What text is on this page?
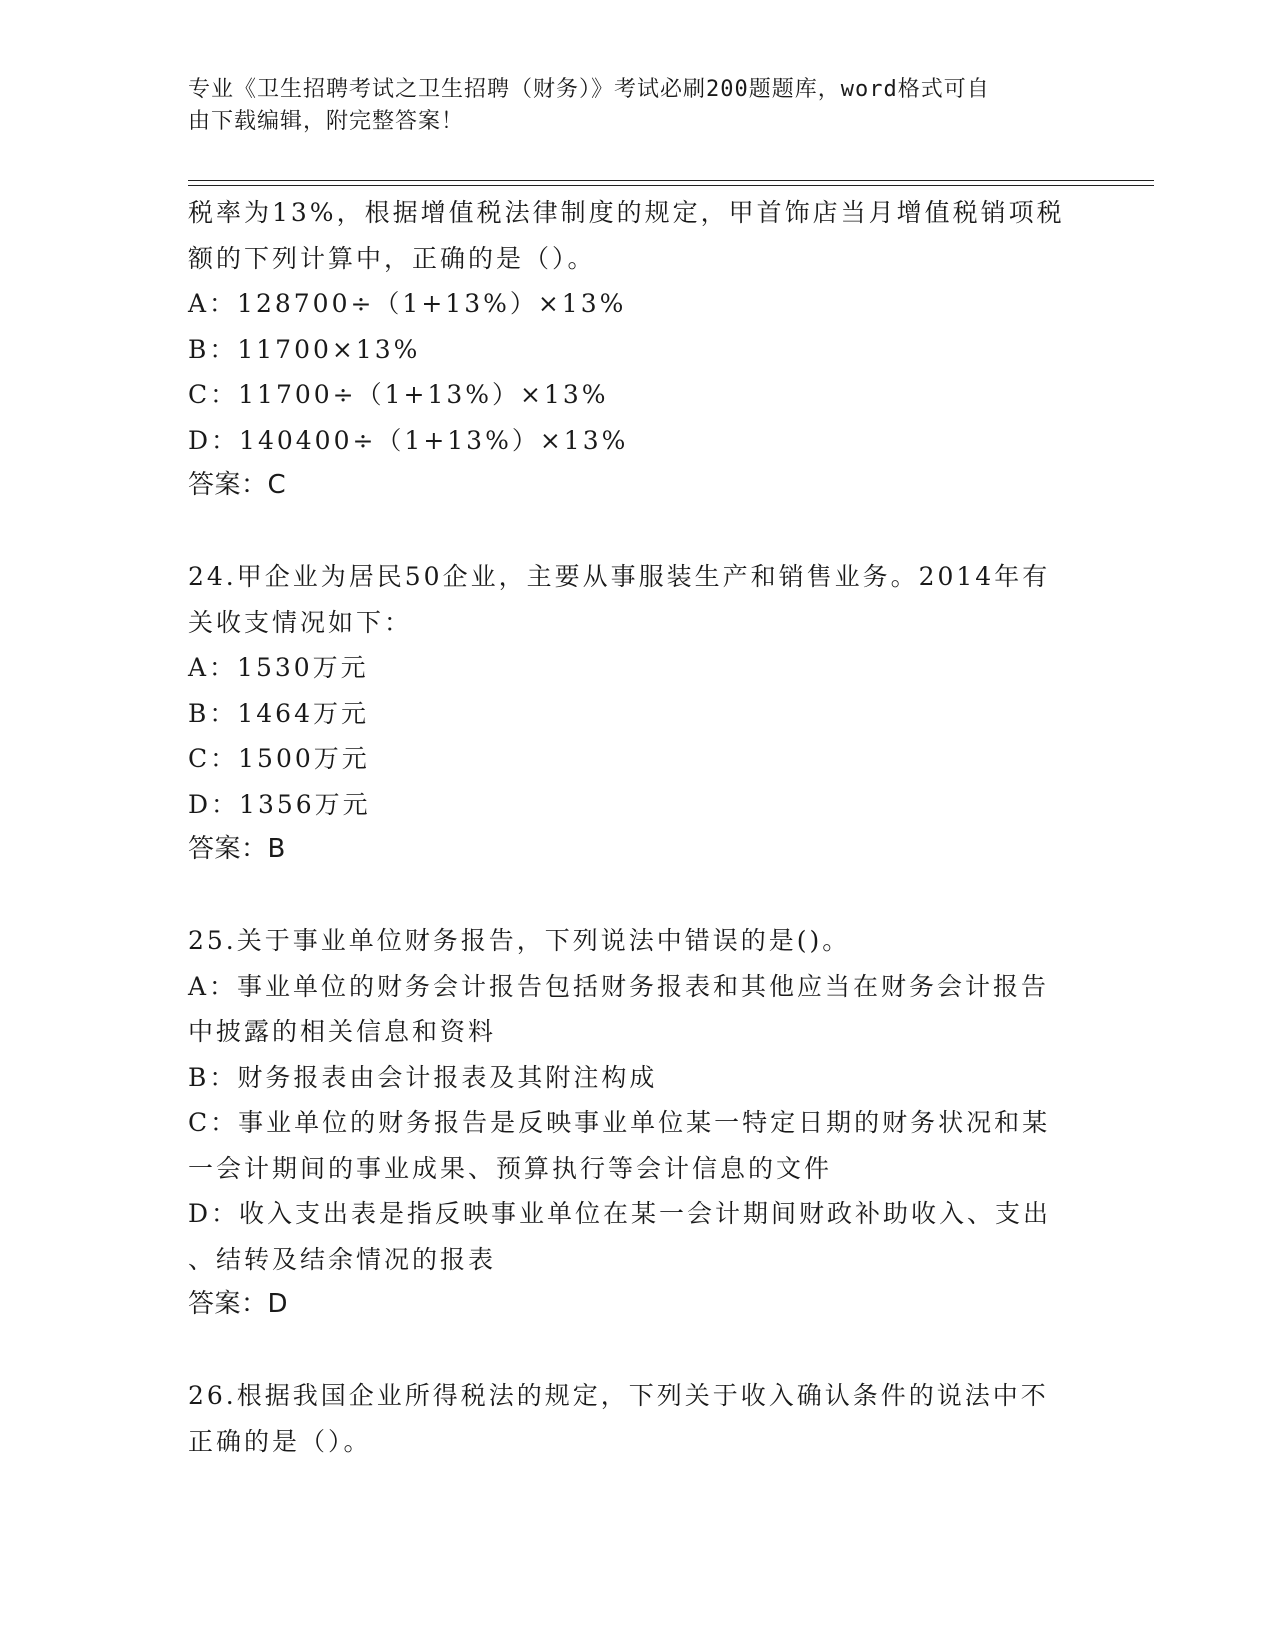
专业《卫生招聘考试之卫生招聘（财务）》考试必刷200题题库，word格式可自
由下载编辑，附完整答案！
税率为13%，根据增值税法律制度的规定，甲首饰店当月增值税销项税
额的下列计算中，正确的是（）。
A：128700÷（1+13%）×13%
B：11700×13%
C：11700÷（1+13%）×13%
D：140400÷（1+13%）×13%
答案：C
24.甲企业为居民50企业，主要从事服装生产和销售业务。2014年有
关收支情况如下：
A：1530万元
B：1464万元
C：1500万元
D：1356万元
答案：B
25.关于事业单位财务报告，下列说法中错误的是()。
A：事业单位的财务会计报告包括财务报表和其他应当在财务会计报告
中披露的相关信息和资料
B：财务报表由会计报表及其附注构成
C：事业单位的财务报告是反映事业单位某一特定日期的财务状况和某
一会计期间的事业成果、预算执行等会计信息的文件
D：收入支出表是指反映事业单位在某一会计期间财政补助收入、支出
、结转及结余情况的报表
答案：D
26.根据我国企业所得税法的规定，下列关于收入确认条件的说法中不
正确的是（）。
